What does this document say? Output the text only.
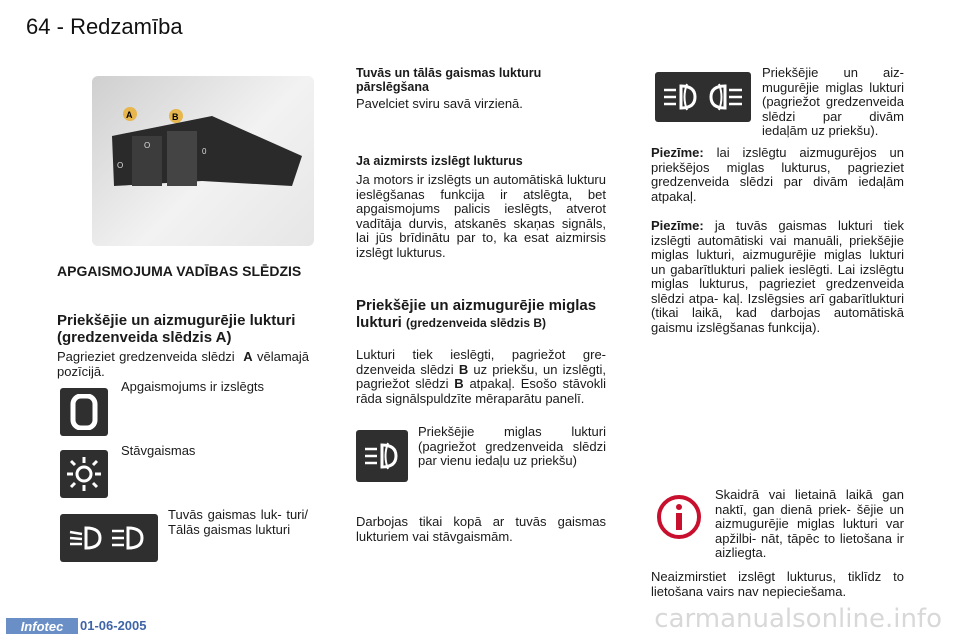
64 - Redzamība
A	B
O
O
0
APGAISMOJUMA VADĪBAS SLĒDZIS
Priekšējie un aizmugurējie lukturi (gredzenveida slēdzis A)
Pagrieziet gredzenveida slēdzi A vēlamajā pozīcijā.
Apgaismojums ir izslēgts
Stāvgaismas
Tuvās gaismas luk- turi/ Tālās gaismas lukturi
Tuvās un tālās gaismas lukturu pārslēgšana
Pavelciet sviru savā virzienā.
Ja aizmirsts izslēgt lukturus
Ja motors ir izslēgts un automātiskā lukturu ieslēgšanas funkcija ir atslēgta, bet apgaismojums palicis ieslēgts, atverot vadītāja durvis, atskanēs skaņas signāls, lai jūs brīdinātu par to, ka esat aizmirsis izslēgt lukturus.
Priekšējie un aizmugurējie miglas lukturi (gredzenveida slēdzis B)
Lukturi tiek ieslēgti, pagriežot gre- dzenveida slēdzi B uz priekšu, un izslēgti, pagriežot slēdzi B atpakaļ. Esošo stāvokli rāda signālspuldzīte mēraparātu panelī.
Priekšējie miglas lukturi (pagriežot gredzenveida slēdzi par vienu iedaļu uz priekšu)
Darbojas tikai kopā ar tuvās gaismas lukturiem vai stāvgaismām.
Priekšējie un aiz- mugurējie miglas lukturi (pagriežot gredzenveida slēdzi par divām iedaļām uz priekšu).
Piezīme: lai izslēgtu aizmugurējos un priekšējos miglas lukturus, pagrieziet gredzenveida slēdzi par divām iedaļām atpakaļ.
Piezīme: ja tuvās gaismas lukturi tiek izslēgti automātiski vai manuāli, priekšējie miglas lukturi, aizmugurējie miglas lukturi un gabarītlukturi paliek ieslēgti. Lai izslēgtu miglas lukturus, pagrieziet gredzenveida slēdzi atpa- kaļ. Izslēgsies arī gabarītlukturi (tikai laikā, kad darbojas automātiskā gaismu izslēgšanas funkcija).
Skaidrā vai lietainā laikā gan naktī, gan dienā priek- šējie un aizmugurējie miglas lukturi var apžilbi- nāt, tāpēc to lietošana ir aizliegta.
Neaizmirstiet izslēgt lukturus, tiklīdz to lietošana vairs nav nepieciešama.
Infotec	01-06-2005	carmanualsonline.info
